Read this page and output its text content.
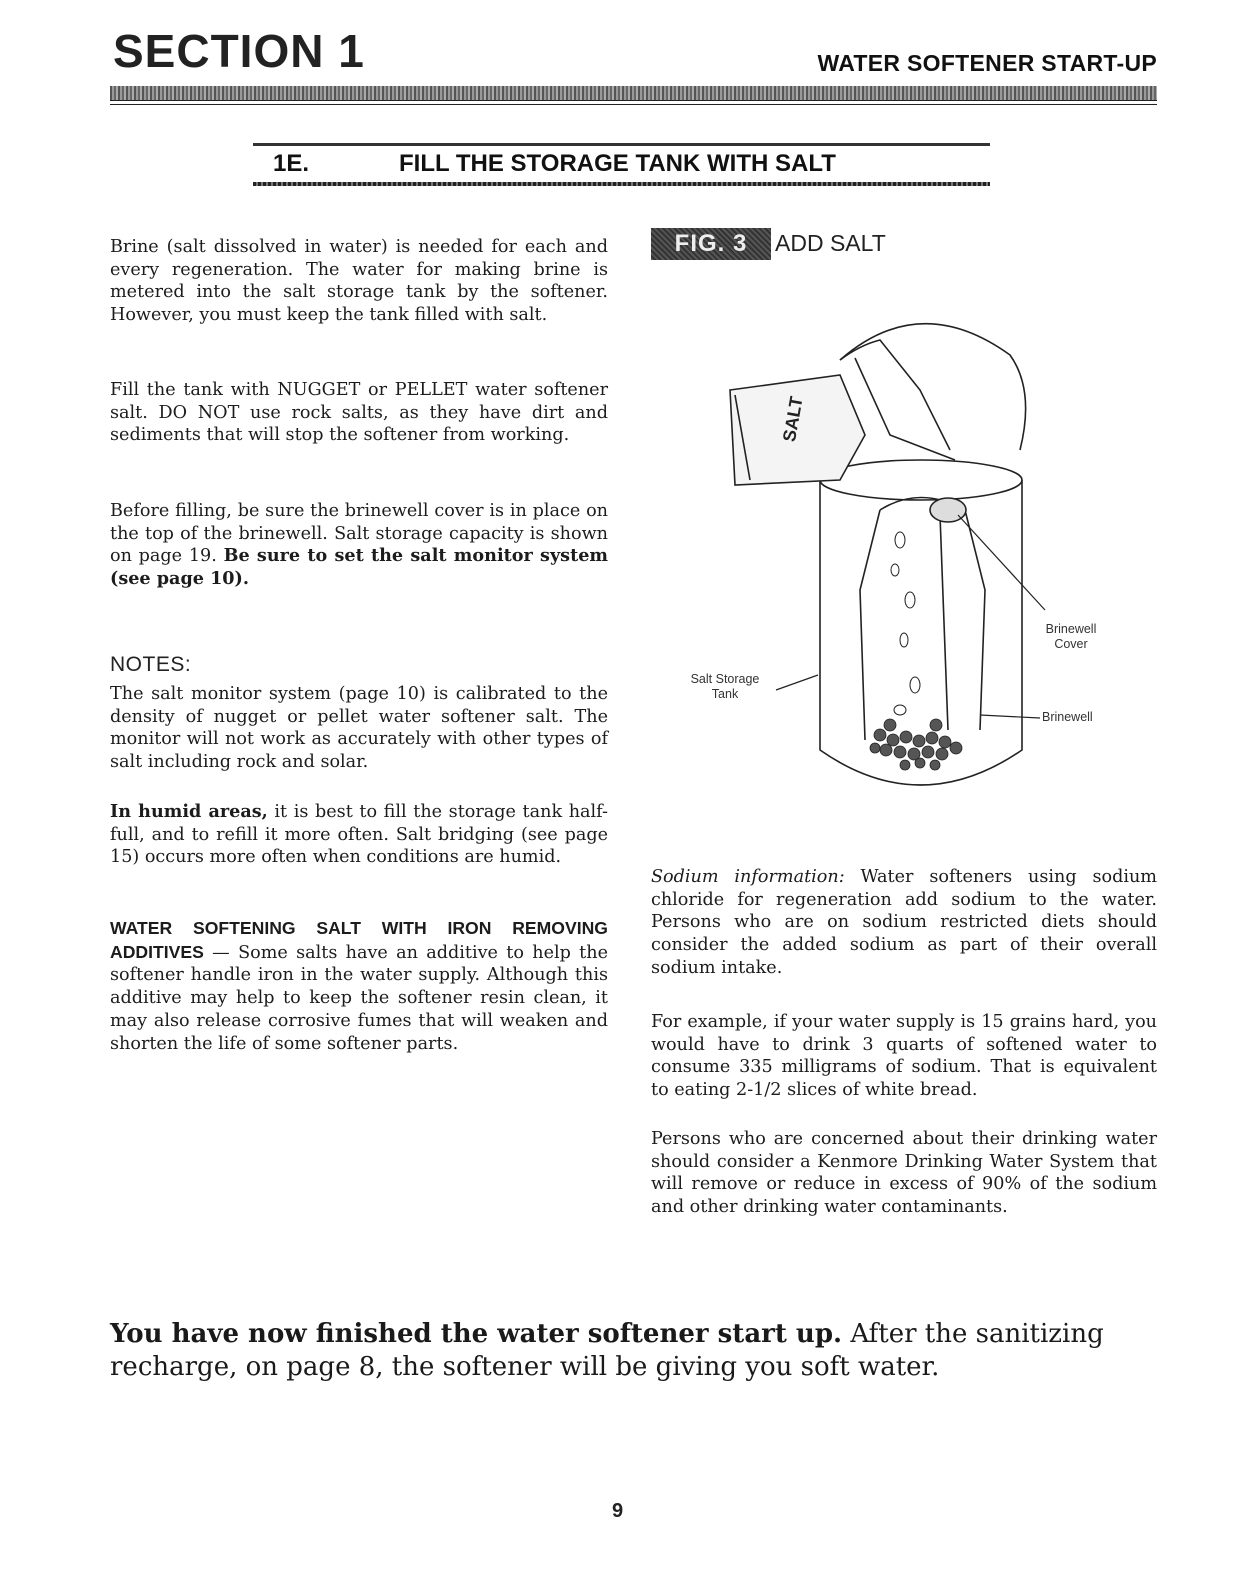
SECTION 1	WATER SOFTENER START-UP
1E.	FILL THE STORAGE TANK WITH SALT

Brine (salt dissolved in water) is needed for each and every regeneration. The water for making brine is metered into the salt storage tank by the softener. However, you must keep the tank filled with salt.

Fill the tank with NUGGET or PELLET water softener salt. DO NOT use rock salts, as they have dirt and sediments that will stop the softener from working.

Before filling, be sure the brinewell cover is in place on the top of the brinewell. Salt storage capacity is shown on page 19. Be sure to set the salt monitor system (see page 10).

NOTES:

The salt monitor system (page 10) is calibrated to the density of nugget or pellet water softener salt. The monitor will not work as accurately with other types of salt including rock and solar.

In humid areas, it is best to fill the storage tank half-full, and to refill it more often. Salt bridging (see page 15) occurs more often when conditions are humid.

WATER SOFTENING SALT WITH IRON REMOVING ADDITIVES — Some salts have an additive to help the softener handle iron in the water supply. Although this additive may help to keep the softener resin clean, it may also release corrosive fumes that will weaken and shorten the life of some softener parts.

FIG. 3	ADD SALT
SALT
Salt Storage Tank
Brinewell Cover
Brinewell

Sodium information: Water softeners using sodium chloride for regeneration add sodium to the water. Persons who are on sodium restricted diets should consider the added sodium as part of their overall sodium intake.

For example, if your water supply is 15 grains hard, you would have to drink 3 quarts of softened water to consume 335 milligrams of sodium. That is equivalent to eating 2-1/2 slices of white bread.

Persons who are concerned about their drinking water should consider a Kenmore Drinking Water System that will remove or reduce in excess of 90% of the sodium and other drinking water contaminants.

You have now finished the water softener start up. After the sanitizing recharge, on page 8, the softener will be giving you soft water.

9
